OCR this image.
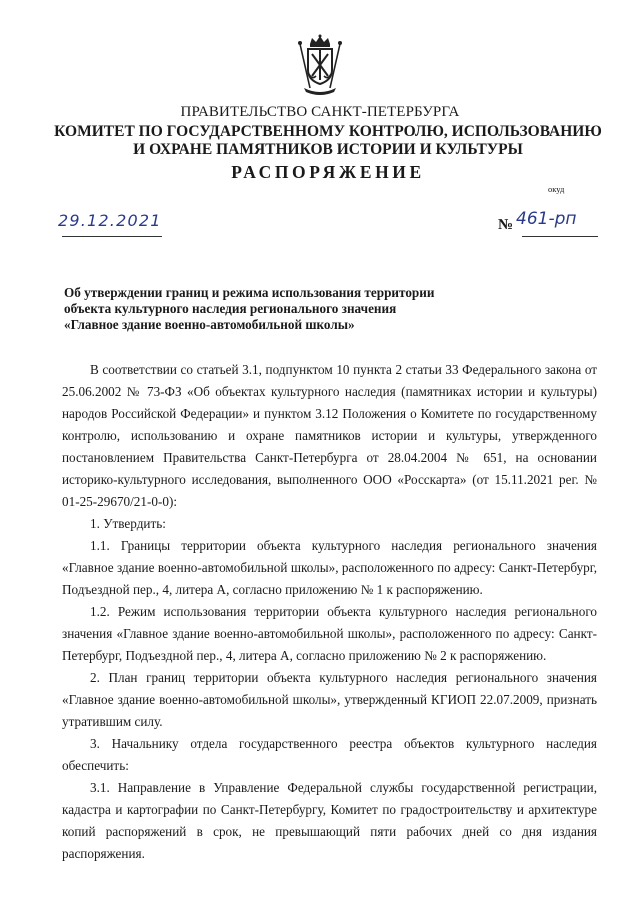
ПРАВИТЕЛЬСТВО САНКТ-ПЕТЕРБУРГА
КОМИТЕТ ПО ГОСУДАРСТВЕННОМУ КОНТРОЛЮ, ИСПОЛЬЗОВАНИЮ
И ОХРАНЕ ПАМЯТНИКОВ ИСТОРИИ И КУЛЬТУРЫ
РАСПОРЯЖЕНИЕ
окуд
29.12.2021	№ 461-рп
Об утверждении границ и режима использования территории
объекта культурного наследия регионального значения
«Главное здание военно-автомобильной школы»

В соответствии со статьей 3.1, подпунктом 10 пункта 2 статьи 33 Федерального закона от 25.06.2002 № 73-ФЗ «Об объектах культурного наследия (памятниках истории и культуры) народов Российской Федерации» и пунктом 3.12 Положения о Комитете по государственному контролю, использованию и охране памятников истории и культуры, утвержденного постановлением Правительства Санкт-Петербурга от 28.04.2004 № 651, на основании историко-культурного исследования, выполненного ООО «Росскарта» (от 15.11.2021 рег. № 01-25-29670/21-0-0):

1. Утвердить:

1.1. Границы территории объекта культурного наследия регионального значения «Главное здание военно-автомобильной школы», расположенного по адресу: Санкт-Петербург, Подъездной пер., 4, литера А, согласно приложению № 1 к распоряжению.

1.2. Режим использования территории объекта культурного наследия регионального значения «Главное здание военно-автомобильной школы», расположенного по адресу: Санкт-Петербург, Подъездной пер., 4, литера А, согласно приложению № 2 к распоряжению.

2. План границ территории объекта культурного наследия регионального значения «Главное здание военно-автомобильной школы», утвержденный КГИОП 22.07.2009, признать утратившим силу.

3. Начальнику отдела государственного реестра объектов культурного наследия обеспечить:

3.1. Направление в Управление Федеральной службы государственной регистрации, кадастра и картографии по Санкт-Петербургу, Комитет по градостроительству и архитектуре копий распоряжений в срок, не превышающий пяти рабочих дней со дня издания распоряжения.
